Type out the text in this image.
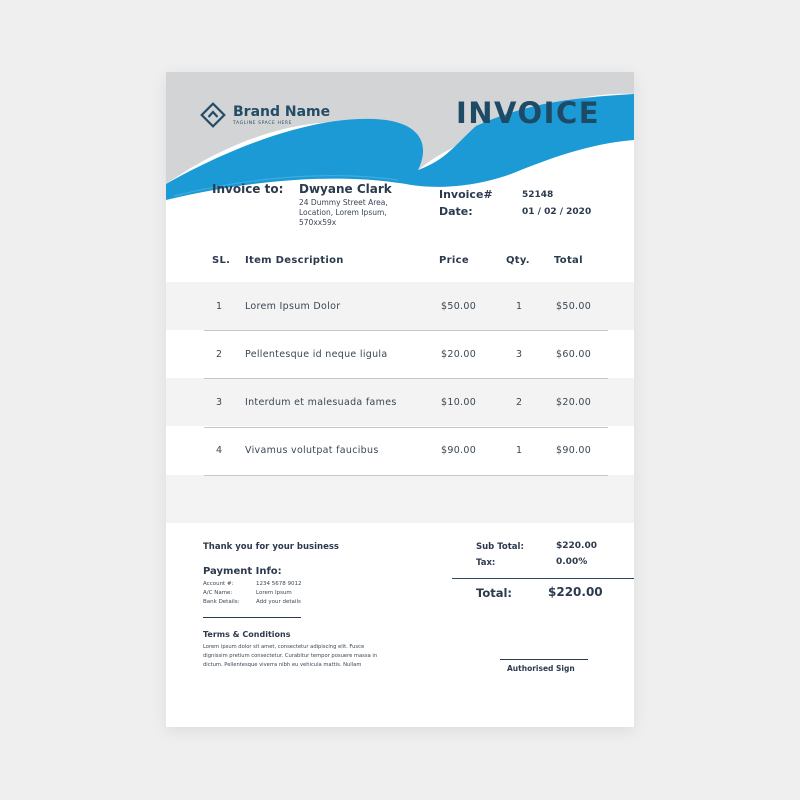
Brand Name
TAGLINE SPACE HERE	INVOICE
Invoice to: Dwyane Clark
24 Dummy Street Area,
Location, Lorem Ipsum,
570xx59x
Invoice#	52148
Date:	01 / 02 / 2020
SL. Item Description	Price	Qty. Total
1 Lorem Ipsum Dolor	$50.00	1	$50.00
2 Pellentesque id neque ligula	$20.00	3	$60.00
3 Interdum et malesuada fames	$10.00	2	$20.00
4 Vivamus volutpat faucibus	$90.00	1	$90.00
Thank you for your business
Payment Info:
Account #:	1234 5678 9012
A/C Name:	Lorem Ipsum
Bank Details:	Add your details
Terms & Conditions
Lorem ipsum dolor sit amet, consectetur adipiscing elit. Fusce
dignissim pretium consectetur. Curabitur tempor posuere massa in
dictum. Pellentesque viverra nibh eu vehicula mattis. Nullam
Sub Total:	$220.00
Tax:	0.00%
Total:	$220.00
Authorised Sign
